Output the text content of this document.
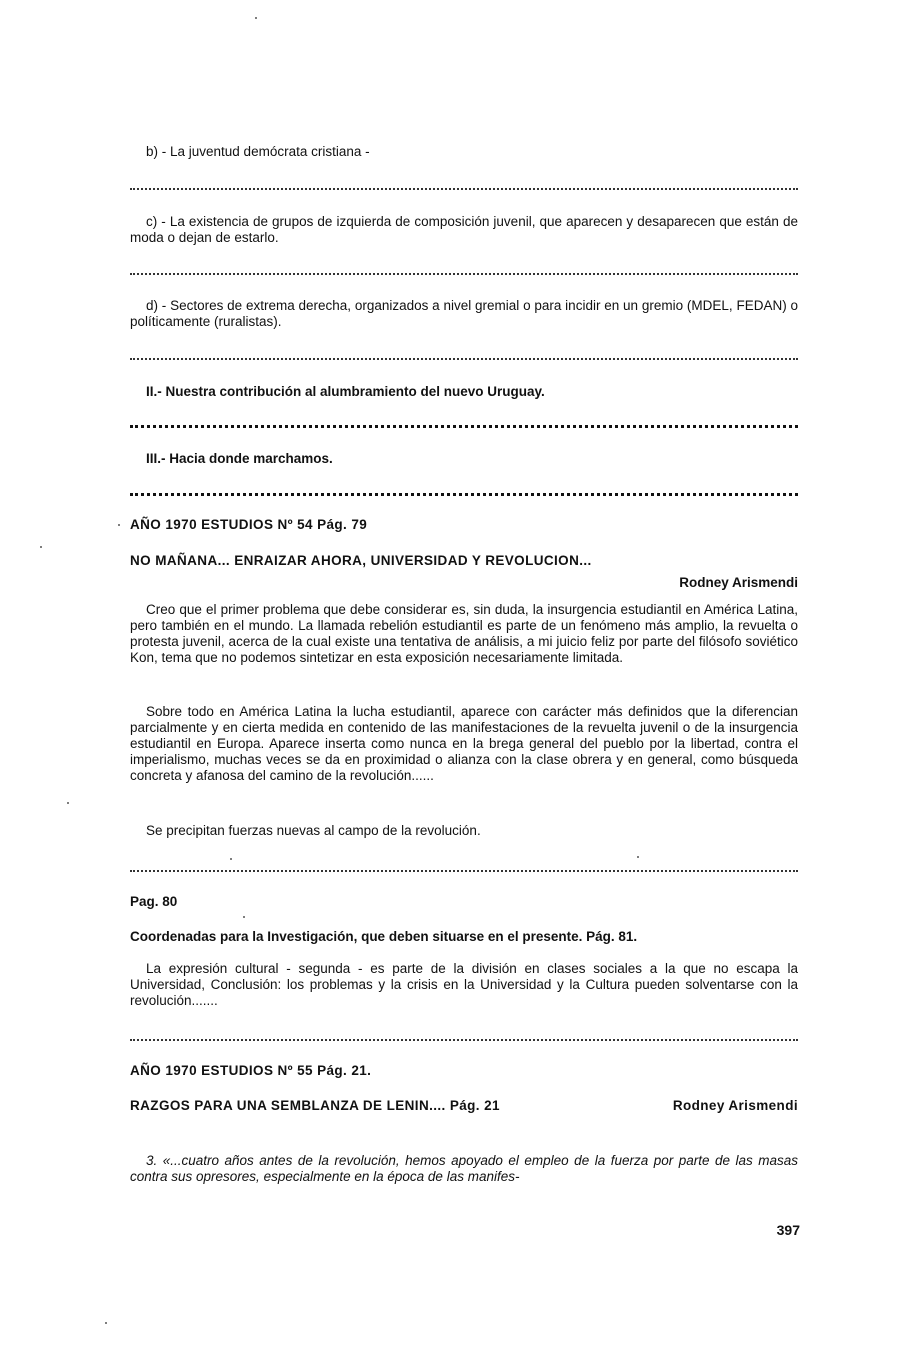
b) - La juventud demócrata cristiana -
c) - La existencia de grupos de izquierda de composición juvenil, que aparecen y desaparecen que están de moda o dejan de estarlo.
d) - Sectores de extrema derecha, organizados a nivel gremial o para incidir en un gremio (MDEL, FEDAN) o políticamente (ruralistas).
II.- Nuestra contribución al alumbramiento del nuevo Uruguay.
III.- Hacia donde marchamos.
AÑO 1970 ESTUDIOS Nº 54 Pág. 79
NO MAÑANA... ENRAIZAR AHORA, UNIVERSIDAD Y REVOLUCION...
Rodney Arismendi
Creo que el primer problema que debe considerar es, sin duda, la insurgencia estudiantil en América Latina, pero también en el mundo. La llamada rebelión estudiantil es parte de un fenómeno más amplio, la revuelta o protesta juvenil, acerca de la cual existe una tentativa de análisis, a mi juicio feliz por parte del filósofo soviético Kon, tema que no podemos sintetizar en esta exposición necesariamente limitada.
Sobre todo en América Latina la lucha estudiantil, aparece con carácter más definidos que la diferencian parcialmente y en cierta medida en contenido de las manifestaciones de la revuelta juvenil o de la insurgencia estudiantil en Europa. Aparece inserta como nunca en la brega general del pueblo por la libertad, contra el imperialismo, muchas veces se da en proximidad o alianza con la clase obrera y en general, como búsqueda concreta y afanosa del camino de la revolución......
Se precipitan fuerzas nuevas al campo de la revolución.
Pag. 80
Coordenadas para la Investigación, que deben situarse en el presente. Pág. 81.
La expresión cultural - segunda - es parte de la división en clases sociales a la que no escapa la Universidad, Conclusión: los problemas y la crisis en la Universidad y la Cultura pueden solventarse con la revolución.......
AÑO 1970 ESTUDIOS Nº 55 Pág. 21.
RAZGOS PARA UNA SEMBLANZA DE LENIN.... Pág. 21	Rodney Arismendi
3. «...cuatro años antes de la revolución, hemos apoyado el empleo de la fuerza por parte de las masas contra sus opresores, especialmente en la época de las manifes-
397
